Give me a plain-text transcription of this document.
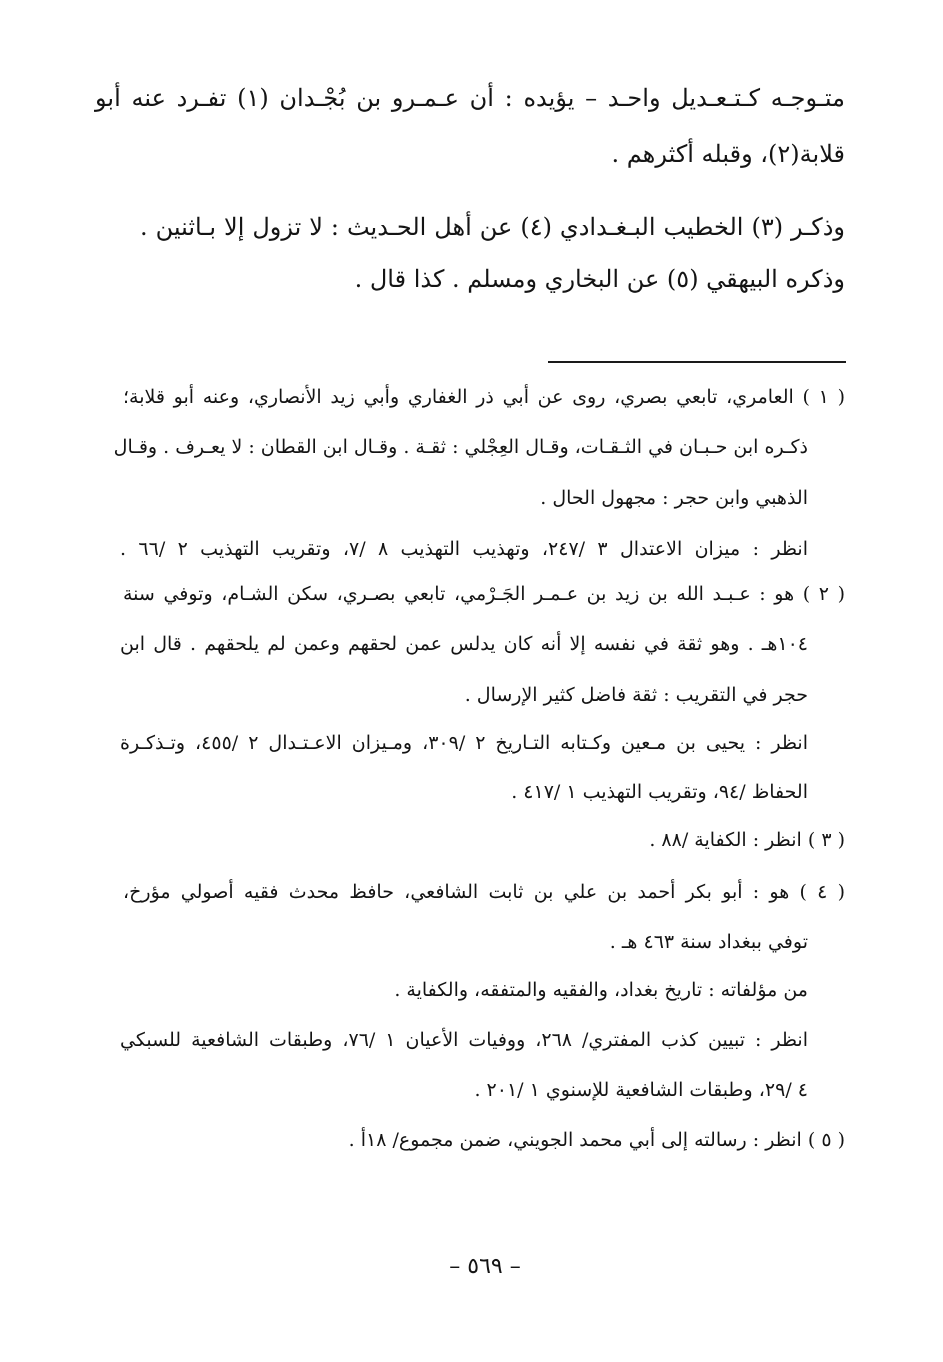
متـوجـه كـتـعـديل واحـد – يؤيده : أن عـمـرو بن بُجْـدان (١) تفـرد عنه أبو
قلابة(٢)، وقبله أكثرهم .
وذكـر (٣) الخطيب البـغـدادي (٤) عن أهل الحـديث : لا تزول إلا بـاثنين .
وذكره البيهقي (٥) عن البخاري ومسلم . كذا قال .
( ١ ) العامري، تابعي بصري، روى عن أبي ذر الغفاري وأبي زيد الأنصاري، وعنه أبو قلابة؛
ذكـره ابن حـبـان في الثـقـات، وقـال العِجْلي : ثقـة . وقـال ابن القطان : لا يعـرف . وقـال
الذهبي وابن حجر : مجهول الحال .
انظر : ميزان الاعتدال ٣ /٢٤٧، وتهذيب التهذيب ٨ /٧، وتقريب التهذيب ٢ /٦٦ .
( ٢ ) هو : عـبـد الله بن زيد بن عـمـر الجَـرْمي، تابعي بصـري، سكن الشـام، وتوفي سنة
١٠٤هـ . وهو ثقة في نفسه إلا أنه كان يدلس عمن لحقهم وعمن لم يلحقهم . قال ابن
حجر في التقريب : ثقة فاضل كثير الإرسال .
انظر : يحيى بن مـعين وكـتابه التـاريخ ٢ /٣٠٩، ومـيزان الاعـتـدال ٢ /٤٥٥، وتـذكـرة
الحفاظ /٩٤، وتقريب التهذيب ١ /٤١٧ .
( ٣ ) انظر : الكفاية /٨٨ .
( ٤ ) هو : أبو بكر أحمد بن علي بن ثابت الشافعي، حافظ محدث فقيه أصولي مؤرخ،
توفي ببغداد سنة ٤٦٣ هـ .
من مؤلفاته : تاريخ بغداد، والفقيه والمتفقه، والكفاية .
انظر : تبيين كذب المفتري/ ٢٦٨، ووفيات الأعيان ١ /٧٦، وطبقات الشافعية للسبكي
٤ /٢٩، وطبقات الشافعية للإسنوي ١ /٢٠١ .
( ٥ ) انظر : رسالته إلى أبي محمد الجويني، ضمن مجموع/ ١٨أ .
– ٥٦٩ –
